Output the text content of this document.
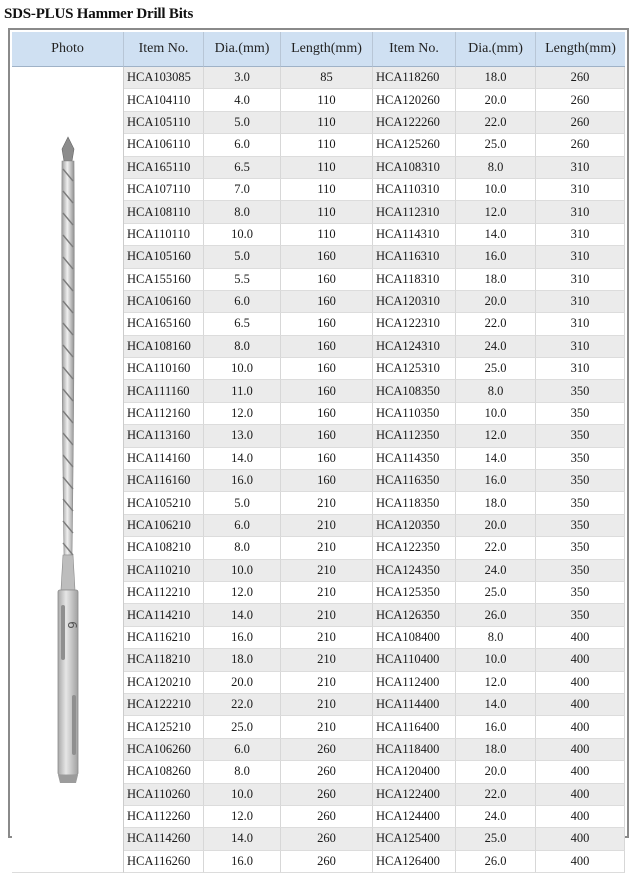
SDS-PLUS Hammer Drill Bits
Photo	Item No.	Dia.(mm)	Length(mm)	Item No.	Dia.(mm)	Length(mm)

6	HCA103085	3.0	85	HCA118260	18.0	260
	HCA104110	4.0	110	HCA120260	20.0	260
	HCA105110	5.0	110	HCA122260	22.0	260
	HCA106110	6.0	110	HCA125260	25.0	260
	HCA165110	6.5	110	HCA108310	8.0	310
	HCA107110	7.0	110	HCA110310	10.0	310
	HCA108110	8.0	110	HCA112310	12.0	310
	HCA110110	10.0	110	HCA114310	14.0	310
	HCA105160	5.0	160	HCA116310	16.0	310
	HCA155160	5.5	160	HCA118310	18.0	310
	HCA106160	6.0	160	HCA120310	20.0	310
	HCA165160	6.5	160	HCA122310	22.0	310
	HCA108160	8.0	160	HCA124310	24.0	310
	HCA110160	10.0	160	HCA125310	25.0	310
	HCA111160	11.0	160	HCA108350	8.0	350
	HCA112160	12.0	160	HCA110350	10.0	350
	HCA113160	13.0	160	HCA112350	12.0	350
	HCA114160	14.0	160	HCA114350	14.0	350
	HCA116160	16.0	160	HCA116350	16.0	350
	HCA105210	5.0	210	HCA118350	18.0	350
	HCA106210	6.0	210	HCA120350	20.0	350
	HCA108210	8.0	210	HCA122350	22.0	350
	HCA110210	10.0	210	HCA124350	24.0	350
	HCA112210	12.0	210	HCA125350	25.0	350
	HCA114210	14.0	210	HCA126350	26.0	350
	HCA116210	16.0	210	HCA108400	8.0	400
	HCA118210	18.0	210	HCA110400	10.0	400
	HCA120210	20.0	210	HCA112400	12.0	400
	HCA122210	22.0	210	HCA114400	14.0	400
	HCA125210	25.0	210	HCA116400	16.0	400
	HCA106260	6.0	260	HCA118400	18.0	400
	HCA108260	8.0	260	HCA120400	20.0	400
	HCA110260	10.0	260	HCA122400	22.0	400
	HCA112260	12.0	260	HCA124400	24.0	400
	HCA114260	14.0	260	HCA125400	25.0	400
	HCA116260	16.0	260	HCA126400	26.0	400
